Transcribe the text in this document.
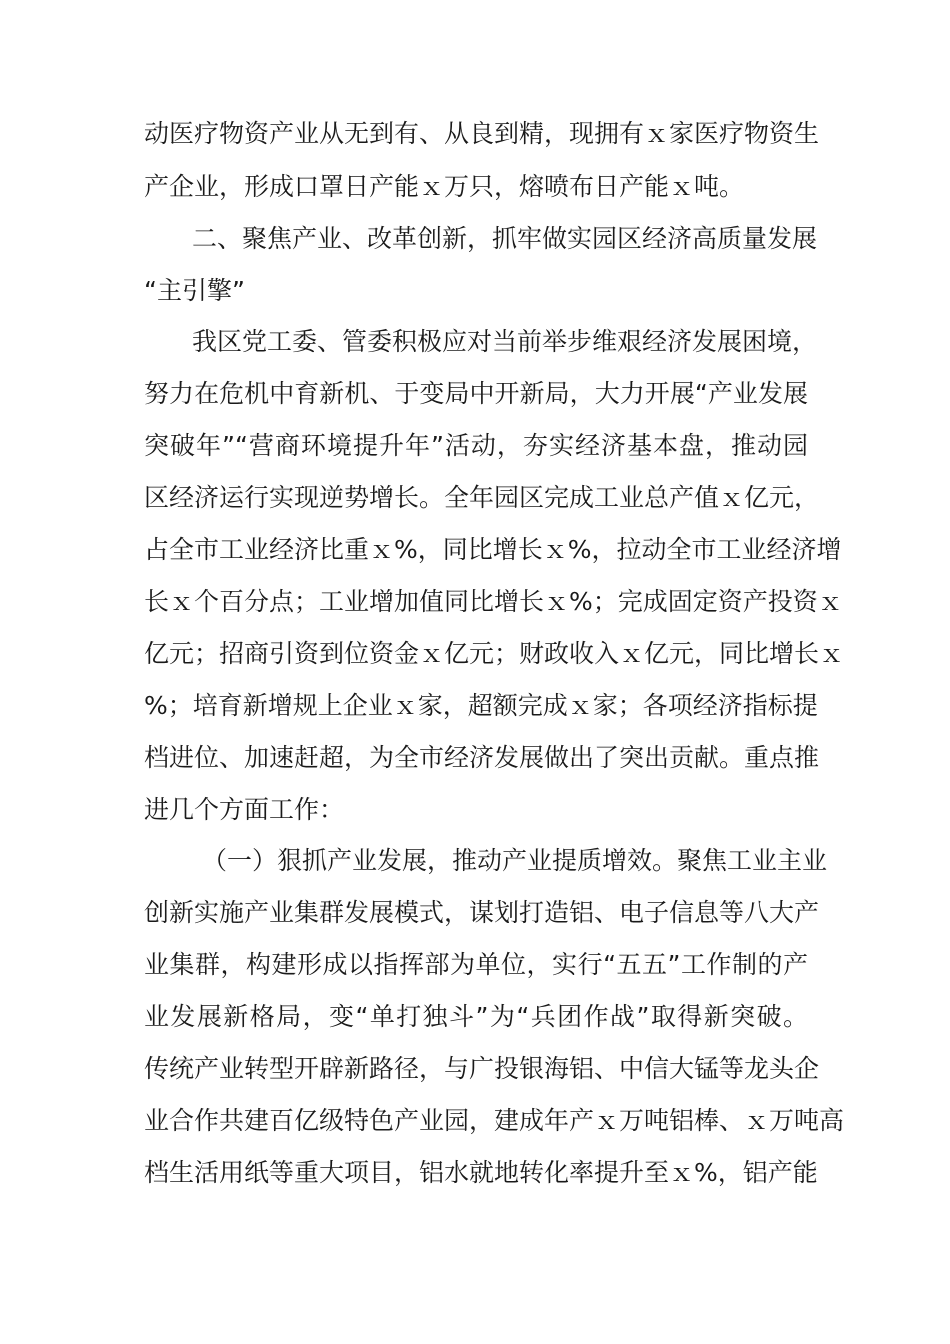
动医疗物资产业从无到有、从良到精，现拥有ｘ家医疗物资生
产企业，形成口罩日产能ｘ万只，熔喷布日产能ｘ吨。
二、聚焦产业、改革创新，抓牢做实园区经济高质量发展
“主引擎”
我区党工委、管委积极应对当前举步维艰经济发展困境，
努力在危机中育新机、于变局中开新局，大力开展“产业发展
突破年”“营商环境提升年”活动，夯实经济基本盘，推动园
区经济运行实现逆势增长。全年园区完成工业总产值ｘ亿元，
占全市工业经济比重ｘ%，同比增长ｘ%，拉动全市工业经济增
长ｘ个百分点；工业增加值同比增长ｘ%；完成固定资产投资ｘ
亿元；招商引资到位资金ｘ亿元；财政收入ｘ亿元，同比增长ｘ
%；培育新增规上企业ｘ家，超额完成ｘ家；各项经济指标提
档进位、加速赶超，为全市经济发展做出了突出贡献。重点推
进几个方面工作：
（一）狠抓产业发展，推动产业提质增效。聚焦工业主业
创新实施产业集群发展模式，谋划打造铝、电子信息等八大产
业集群，构建形成以指挥部为单位，实行“五五”工作制的产
业发展新格局，变“单打独斗”为“兵团作战”取得新突破。
传统产业转型开辟新路径，与广投银海铝、中信大锰等龙头企
业合作共建百亿级特色产业园，建成年产ｘ万吨铝棒、ｘ万吨高
档生活用纸等重大项目，铝水就地转化率提升至ｘ%，铝产能
